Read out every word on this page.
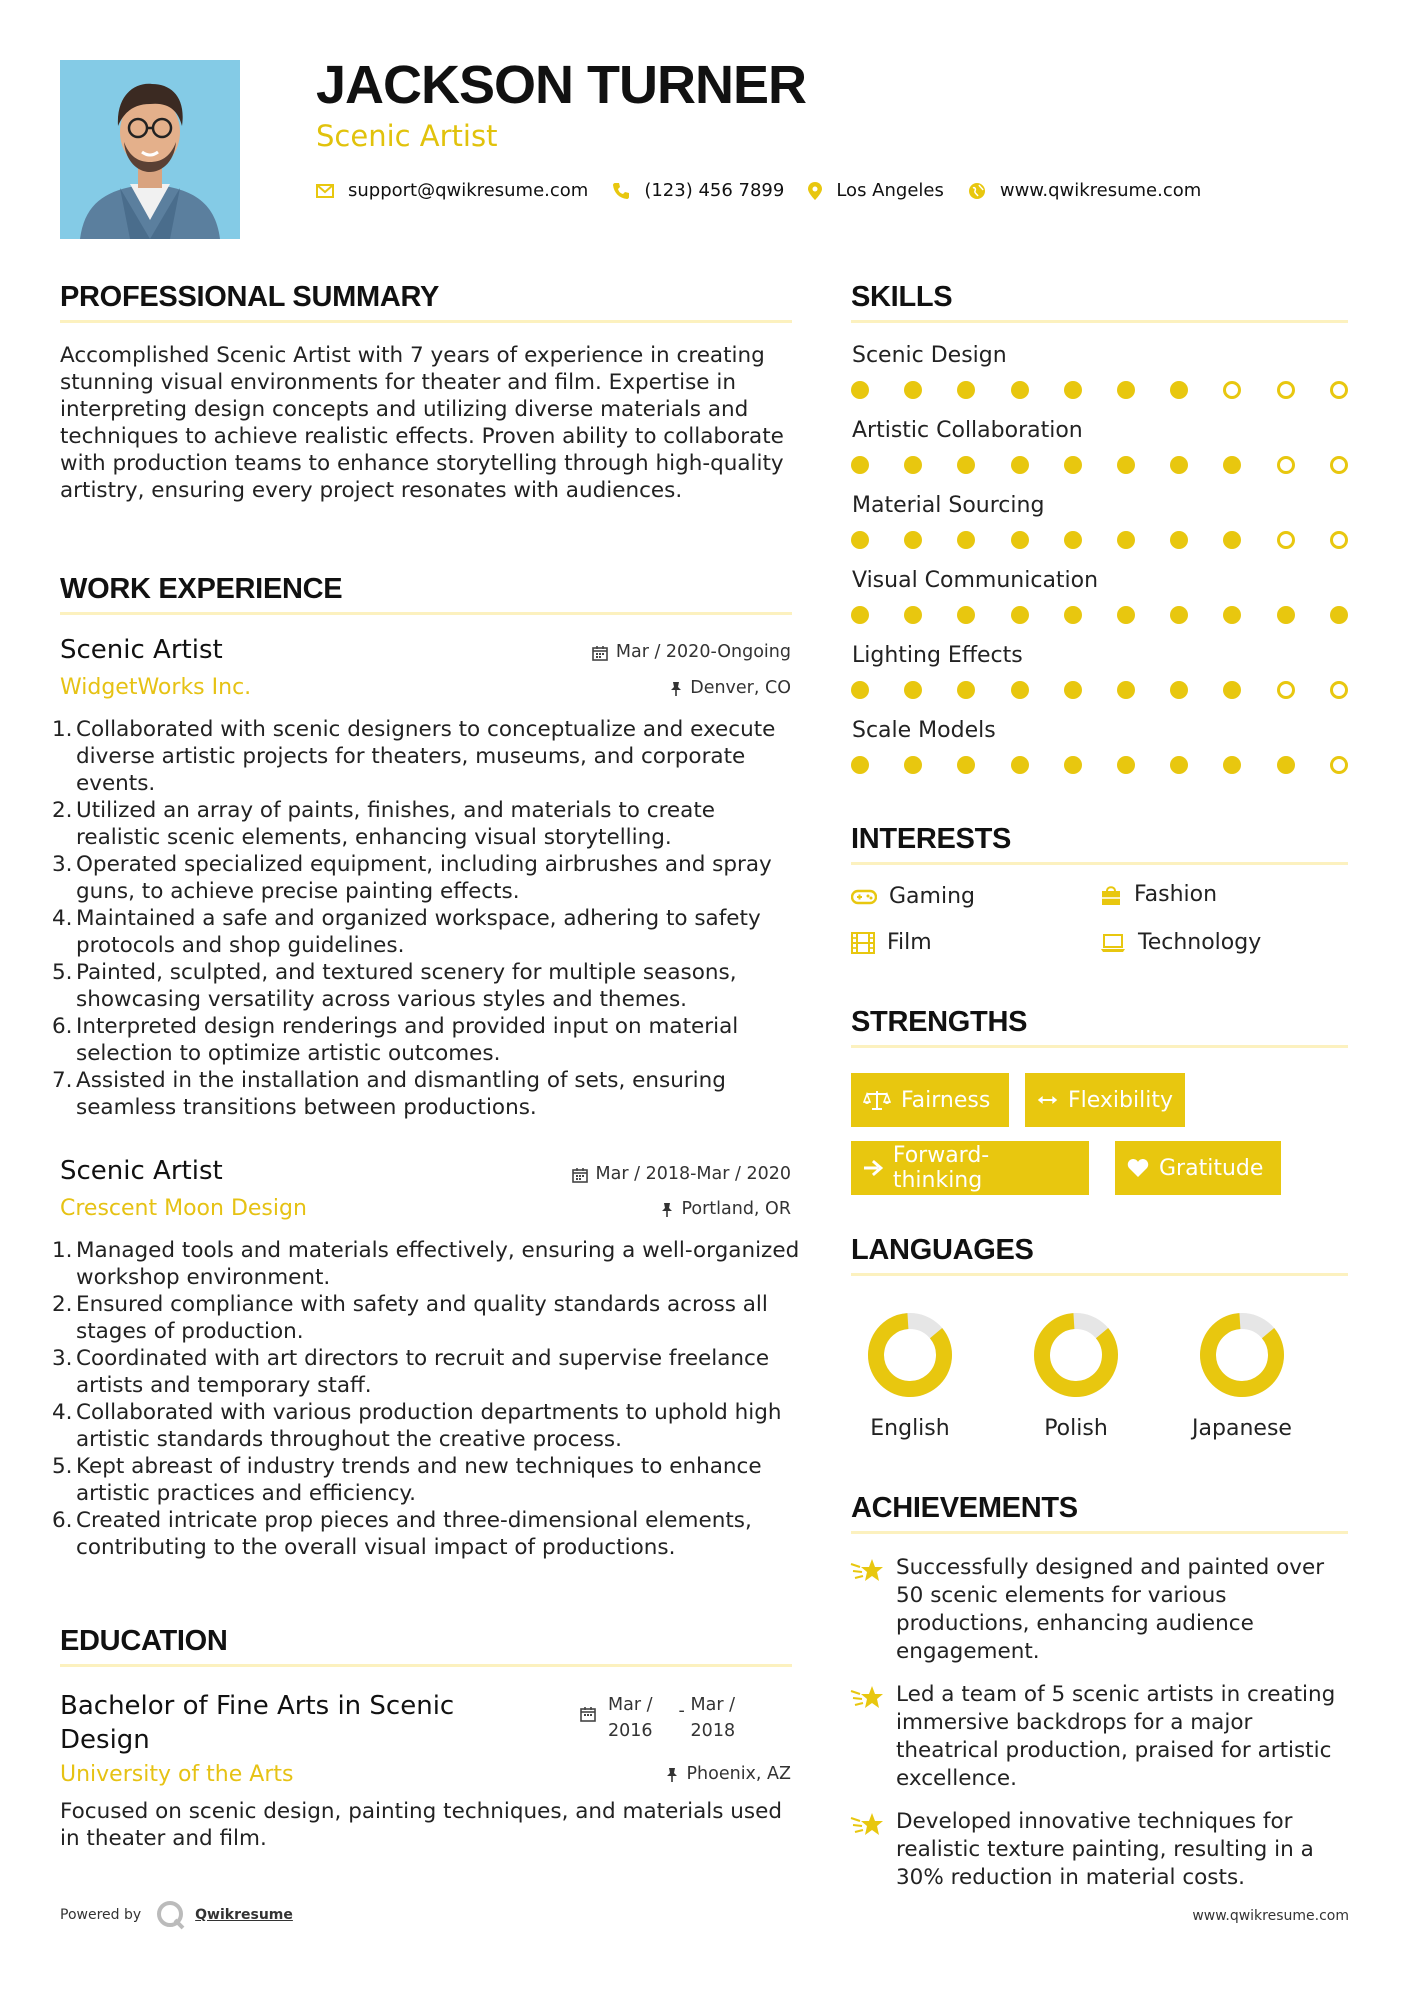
JACKSON TURNER
Scenic Artist
support@qwikresume.com	(123) 456 7899	Los Angeles	www.qwikresume.com
PROFESSIONAL SUMMARY
Accomplished Scenic Artist with 7 years of experience in creating stunning visual environments for theater and film. Expertise in interpreting design concepts and utilizing diverse materials and techniques to achieve realistic effects. Proven ability to collaborate with production teams to enhance storytelling through high-quality artistry, ensuring every project resonates with audiences.
WORK EXPERIENCE
Scenic Artist	Mar / 2020-Ongoing
WidgetWorks Inc.	Denver, CO
1. Collaborated with scenic designers to conceptualize and execute diverse artistic projects for theaters, museums, and corporate events.
2. Utilized an array of paints, finishes, and materials to create realistic scenic elements, enhancing visual storytelling.
3. Operated specialized equipment, including airbrushes and spray guns, to achieve precise painting effects.
4. Maintained a safe and organized workspace, adhering to safety protocols and shop guidelines.
5. Painted, sculpted, and textured scenery for multiple seasons, showcasing versatility across various styles and themes.
6. Interpreted design renderings and provided input on material selection to optimize artistic outcomes.
7. Assisted in the installation and dismantling of sets, ensuring seamless transitions between productions.
Scenic Artist	Mar / 2018-Mar / 2020
Crescent Moon Design	Portland, OR
1. Managed tools and materials effectively, ensuring a well-organized workshop environment.
2. Ensured compliance with safety and quality standards across all stages of production.
3. Coordinated with art directors to recruit and supervise freelance artists and temporary staff.
4. Collaborated with various production departments to uphold high artistic standards throughout the creative process.
5. Kept abreast of industry trends and new techniques to enhance artistic practices and efficiency.
6. Created intricate prop pieces and three-dimensional elements, contributing to the overall visual impact of productions.
EDUCATION
Bachelor of Fine Arts in Scenic Design
Mar /
2016
- Mar /
2018
University of the Arts	Phoenix, AZ
Focused on scenic design, painting techniques, and materials used in theater and film.
SKILLS
Scenic Design
Artistic Collaboration
Material Sourcing
Visual Communication
Lighting Effects
Scale Models
INTERESTS
Gaming	Fashion
Film	Technology
STRENGTHS
Fairness	Flexibility
Forward-thinking	Gratitude
LANGUAGES
English	Polish	Japanese
ACHIEVEMENTS
Successfully designed and painted over 50 scenic elements for various productions, enhancing audience engagement.
Led a team of 5 scenic artists in creating immersive backdrops for a major theatrical production, praised for artistic excellence.
Developed innovative techniques for realistic texture painting, resulting in a 30% reduction in material costs.
Powered by	Qwikresume	www.qwikresume.com
